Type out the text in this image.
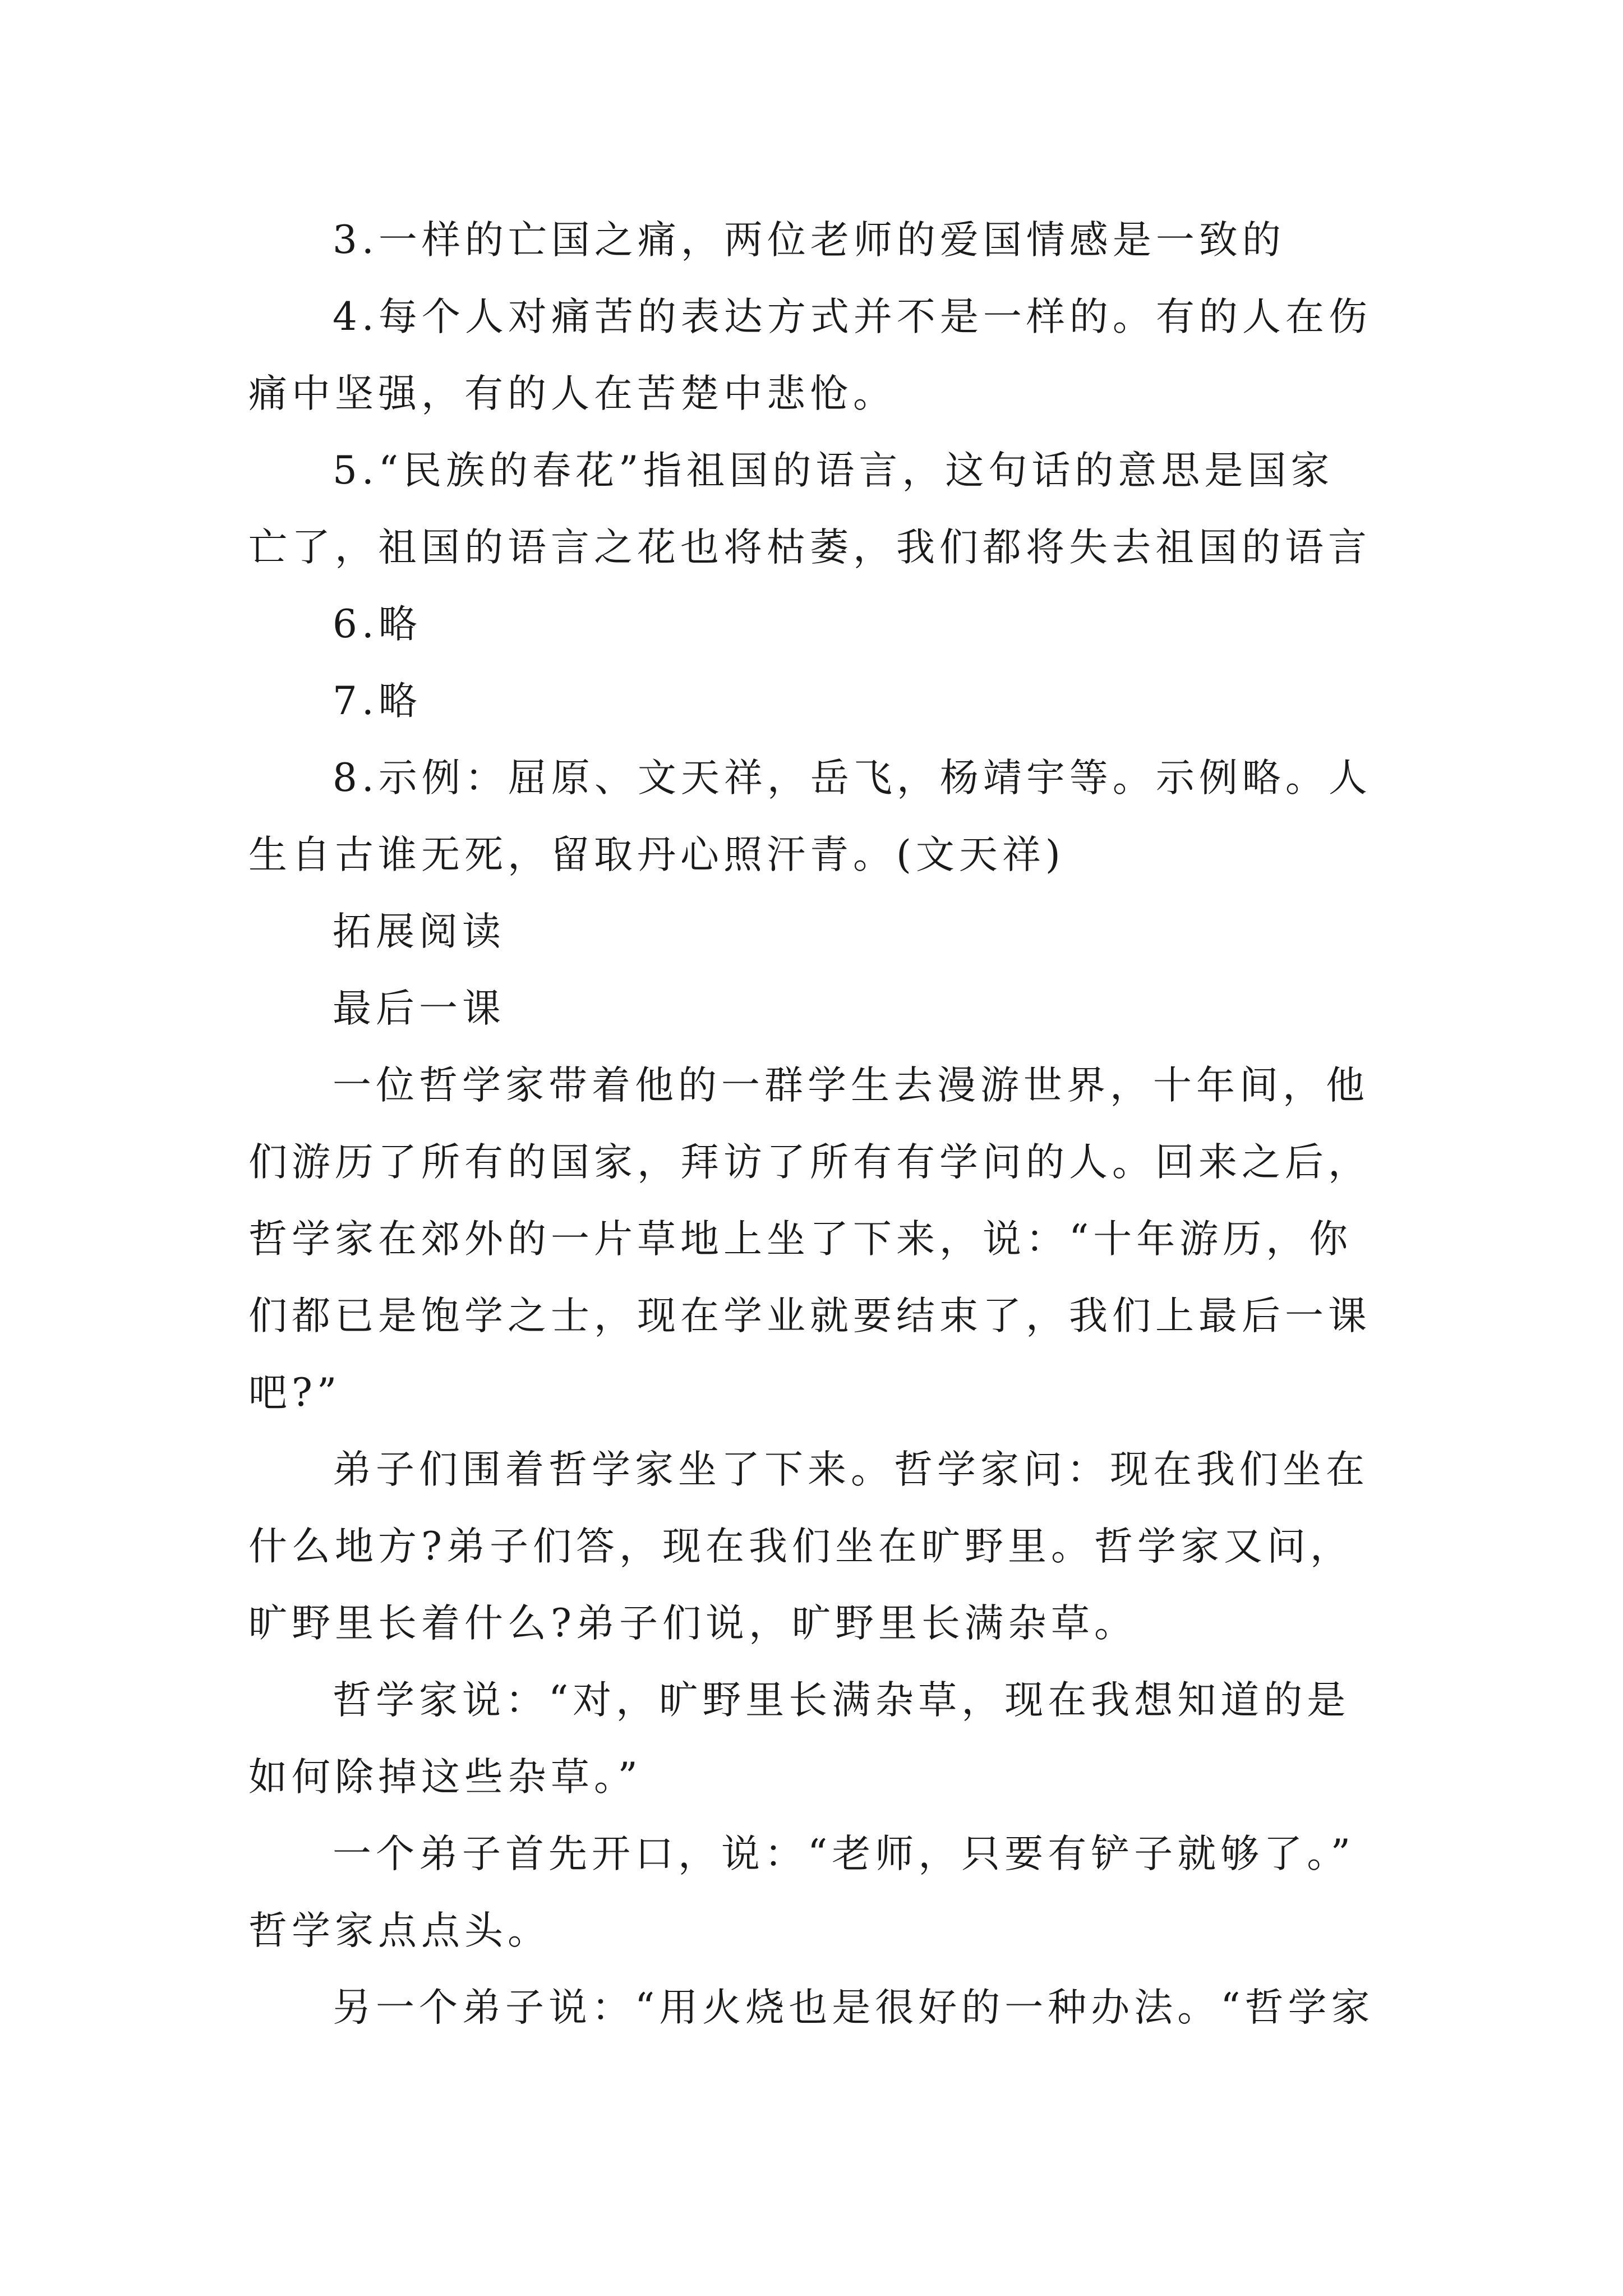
3.一样的亡国之痛，两位老师的爱国情感是一致的

4.每个人对痛苦的表达方式并不是一样的。有的人在伤

痛中坚强，有的人在苦楚中悲怆。

5.“民族的春花”指祖国的语言，这句话的意思是国家

亡了，祖国的语言之花也将枯萎，我们都将失去祖国的语言

6.略

7.略

8.示例：屈原、文天祥，岳飞，杨靖宇等。示例略。人

生自古谁无死，留取丹心照汗青。(文天祥)

拓展阅读

最后一课

一位哲学家带着他的一群学生去漫游世界，十年间，他

们游历了所有的国家，拜访了所有有学问的人。回来之后，

哲学家在郊外的一片草地上坐了下来，说：“十年游历，你

们都已是饱学之士，现在学业就要结束了，我们上最后一课

吧?”

弟子们围着哲学家坐了下来。哲学家问：现在我们坐在

什么地方?弟子们答，现在我们坐在旷野里。哲学家又问，

旷野里长着什么?弟子们说，旷野里长满杂草。

哲学家说：“对，旷野里长满杂草，现在我想知道的是

如何除掉这些杂草。”

一个弟子首先开口，说：“老师，只要有铲子就够了。”

哲学家点点头。

另一个弟子说：“用火烧也是很好的一种办法。“哲学家
